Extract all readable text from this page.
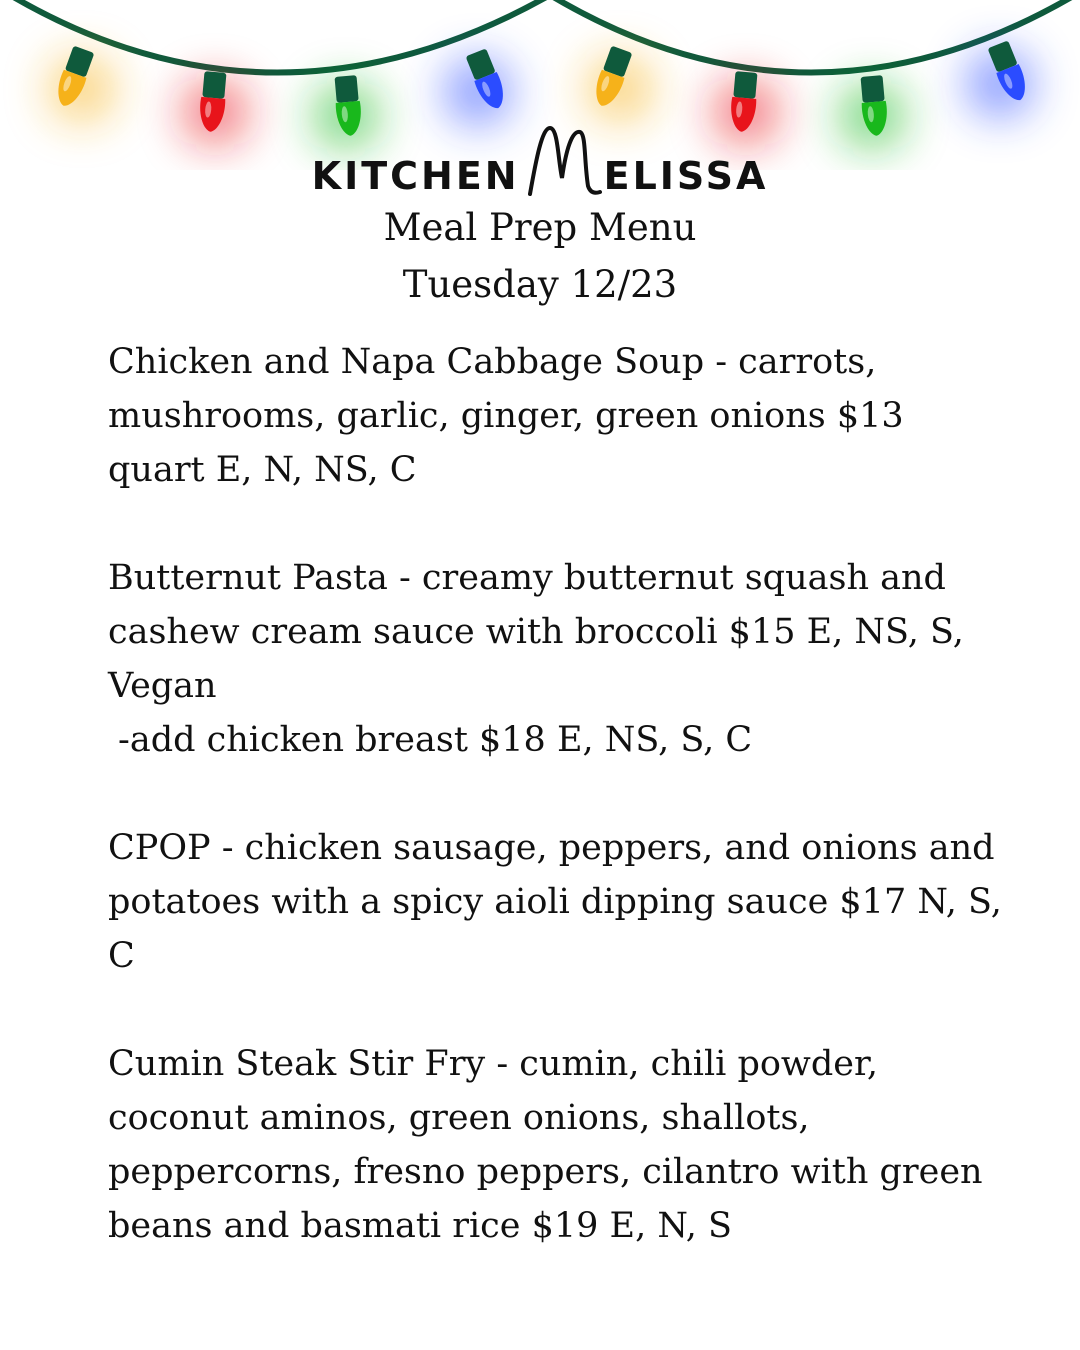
KITCHEN ELISSA
Meal Prep Menu
Tuesday 12/23

Chicken and Napa Cabbage Soup - carrots, mushrooms, garlic, ginger, green onions $13 quart E, N, NS, C

Butternut Pasta - creamy butternut squash and cashew cream sauce with broccoli $15 E, NS, S, Vegan

-add chicken breast $18 E, NS, S, C

CPOP - chicken sausage, peppers, and onions and potatoes with a spicy aioli dipping sauce $17 N, S, C

Cumin Steak Stir Fry - cumin, chili powder, coconut aminos, green onions, shallots, peppercorns, fresno peppers, cilantro with green beans and basmati rice $19 E, N, S
